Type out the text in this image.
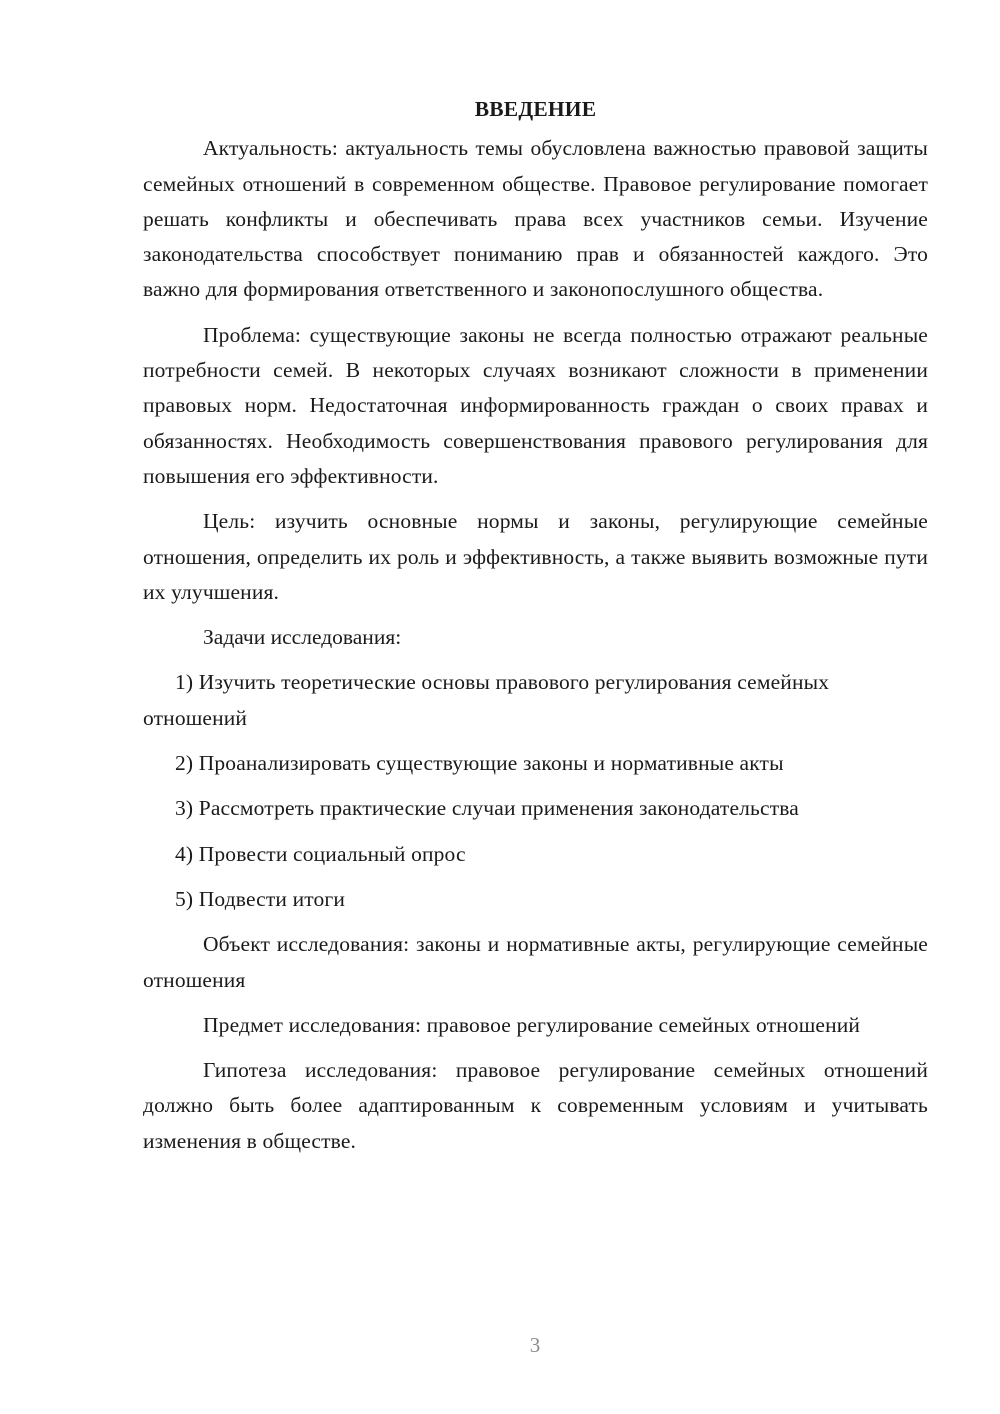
ВВЕДЕНИЕ

Актуальность: актуальность темы обусловлена важностью правовой защиты семейных отношений в современном обществе. Правовое регулирование помогает решать конфликты и обеспечивать права всех участников семьи. Изучение законодательства способствует пониманию прав и обязанностей каждого. Это важно для формирования ответственного и законопослушного общества.

Проблема: существующие законы не всегда полностью отражают реальные потребности семей. В некоторых случаях возникают сложности в применении правовых норм. Недостаточная информированность граждан о своих правах и обязанностях. Необходимость совершенствования правового регулирования для повышения его эффективности.

Цель: изучить основные нормы и законы, регулирующие семейные отношения, определить их роль и эффективность, а также выявить возможные пути их улучшения.

Задачи исследования:

1) Изучить теоретические основы правового регулирования семейных отношений
2) Проанализировать существующие законы и нормативные акты
3) Рассмотреть практические случаи применения законодательства
4) Провести социальный опрос
5) Подвести итоги

Объект исследования: законы и нормативные акты, регулирующие семейные отношения

Предмет исследования: правовое регулирование семейных отношений

Гипотеза исследования: правовое регулирование семейных отношений должно быть более адаптированным к современным условиям и учитывать изменения в обществе.

3
